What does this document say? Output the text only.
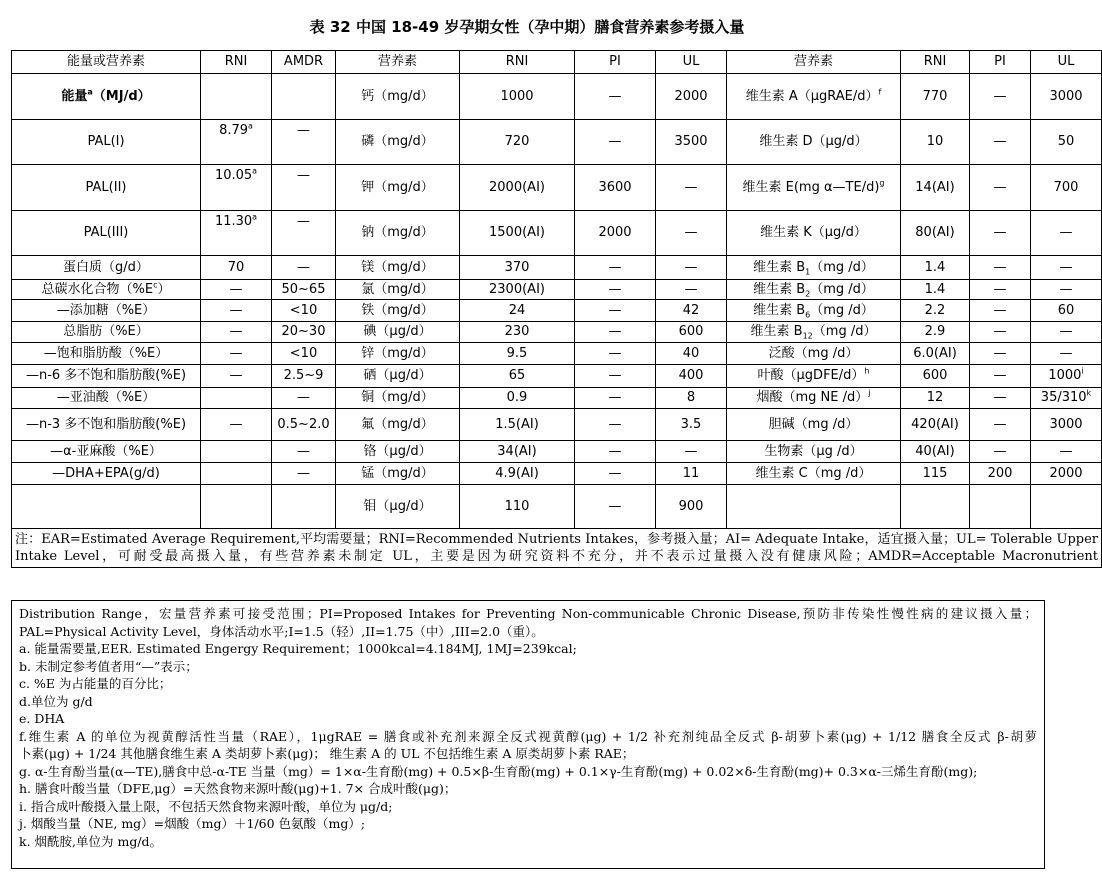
表 32 中国 18-49 岁孕期女性（孕中期）膳食营养素参考摄入量
能量或营养素	RNI	AMDR	营养素	RNI	PI	UL	营养素	RNI	PI	UL
能量$^a$（MJ/d）			钙（mg/d）	1000	—	2000	维生素 A（μgRAE/d）$^f$	770	—	3000
PAL(I)	8.79$^a$	—	磷（mg/d）	720	—	3500	维生素 D（μg/d）	10	—	50
PAL(II)	10.05$^a$	—	钾（mg/d）	2000(AI)	3600	—	维生素 E(mg α—TE/d)$^g$	14(AI)	—	700
PAL(III)	11.30$^a$	—	钠（mg/d）	1500(AI)	2000	—	维生素 K（μg/d）	80(AI)	—	—
蛋白质（g/d）	70	—	镁（mg/d）	370	—	—	维生素 $B_1(mg$ /d）	1.4	—	—
总碳水化合物$(\%E^c)$	—	50~65	氯（mg/d）	2300(AI)	—	—	维生素 $B_2(mg$ /d）	1.4	—	—
—添加糖（%E）	—	<10	铁（mg/d）	24	—	42	维生素 $B_6(mg$ /d）	2.2	—	60
总脂肪（%E）	—	20~30	碘（μg/d）	230	—	600	维生素 $B_{12}(mg$ /d）	2.9	—	—
—饱和脂肪酸（%E）	—	<10	锌（mg/d）	9.5	—	40	泛酸（mg /d）	6.0(AI)	—	—
—n-6 多不饱和脂肪酸(%E)	—	2.5~9	硒（μg/d）	65	—	400	叶酸（μgDFE/d）$^h$	600	—	1000$^i$
—亚油酸（%E）		—	铜（mg/d）	0.9	—	8	烟酸（mg NE /d）$^j$	12	—	35/310$^k$
—n-3 多不饱和脂肪酸(%E)	—	0.5~2.0	氟（mg/d）	1.5(AI)	—	3.5	胆碱（mg /d）	420(AI)	—	3000
—α-亚麻酸（%E）		—	铬（μg/d）	34(AI)	—	—	生物素（μg /d）	40(AI)	—	—
—DHA+EPA(g/d)		—	锰（mg/d）	4.9(AI)	—	11	维生素 C（mg /d）	115	200	2000
			钼（μg/d）	110	—	900				

注：EAR=Estimated Average Requirement,平均需要量；RNI=Recommended Nutrients Intakes，参考摄入量；AI= Adequate Intake，适宜摄入量；UL= Tolerable Upper
Intake Level，可耐受最高摄入量，有些营养素未制定 UL，主要是因为研究资料不充分，并不表示过量摄入没有健康风险；AMDR=Acceptable Macronutrient										
Distribution Range，宏量营养素可接受范围；PI=Proposed Intakes for Preventing Non-communicable Chronic Disease,预防非传染性慢性病的建议摄入量；
PAL=Physical Activity Level，身体活动水平;I=1.5（轻）,II=1.75（中）,III=2.0（重）。
a. 能量需要量,EER. Estimated Engergy Requirement；1000kcal=4.184MJ, 1MJ=239kcal;
b. 未制定参考值者用“—”表示；
c. %E 为占能量的百分比；
d.单位为 g/d
e. DHA
f.维生素 A 的单位为视黄醇活性当量（RAE），1μgRAE = 膳食或补充剂来源全反式视黄醇(μg) + 1/2 补充剂纯品全反式 β-胡萝卜素(μg) + 1/12 膳食全反式 β-胡萝
卜素(μg) + 1/24 其他膳食维生素 A 类胡萝卜素(μg)； 维生素 A 的 UL 不包括维生素 A 原类胡萝卜素 RAE；
g. α-生育酚当量(α—TE),膳食中总-α-TE 当量（mg）= 1×α-生育酚(mg) + 0.5×β-生育酚(mg) + 0.1×γ-生育酚(mg) + 0.02×δ-生育酚(mg)+ 0.3×α-三烯生育酚(mg);
h. 膳食叶酸当量（DFE,μg）=天然食物来源叶酸(μg)+1. 7× 合成叶酸(μg)；
i. 指合成叶酸摄入量上限，不包括天然食物来源叶酸，单位为 μg/d;
j. 烟酸当量（NE, mg）=烟酸（mg）＋1/60 色氨酸（mg）;
k. 烟酰胺,单位为 mg/d。
